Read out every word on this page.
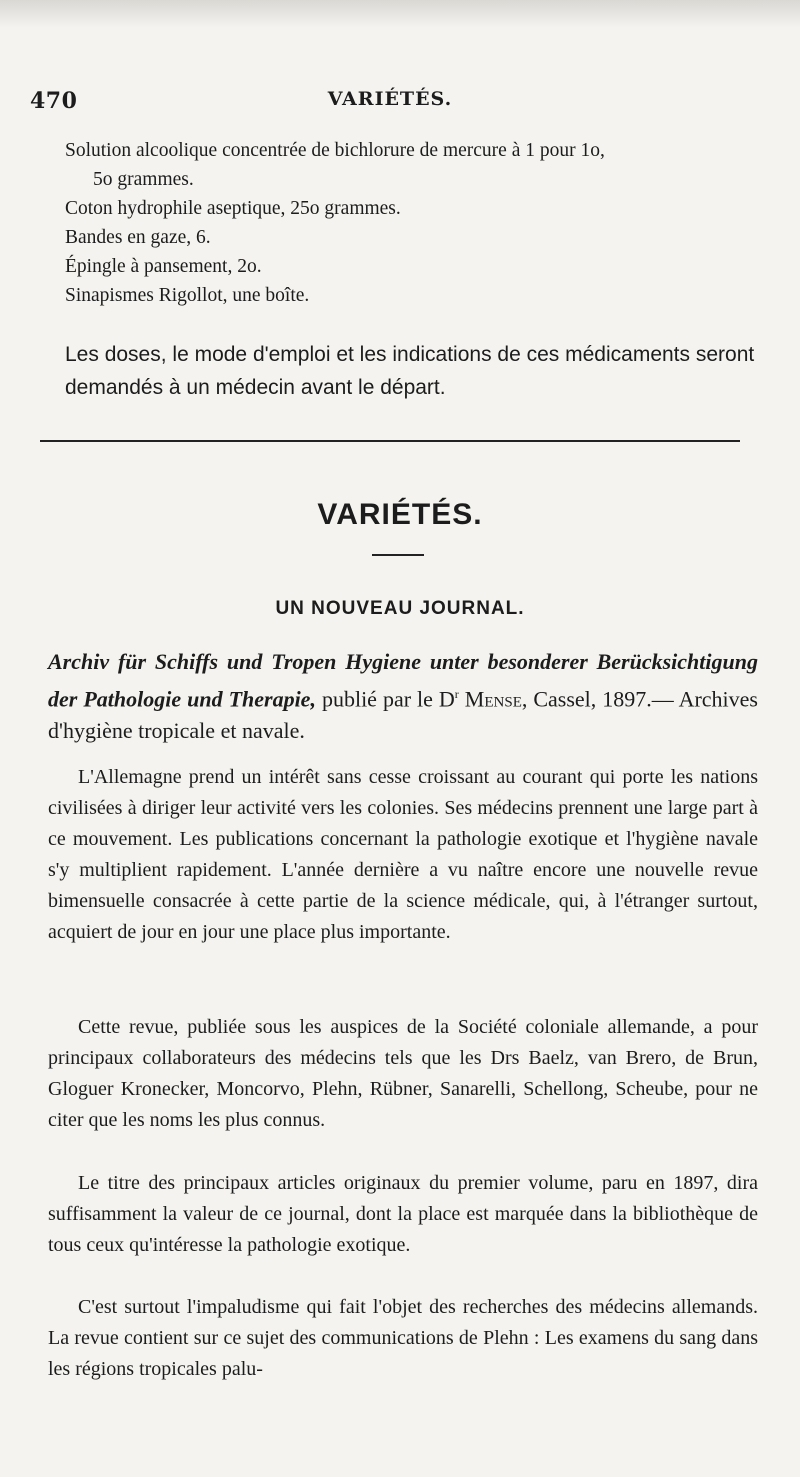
VARIÉTÉS.
470
Solution alcoolique concentrée de bichlorure de mercure à 1 pour 1o,
5o grammes.
Coton hydrophile aseptique, 25o grammes.
Bandes en gaze, 6.
Épingle à pansement, 2o.
Sinapismes Rigollot, une boîte.
Les doses, le mode d'emploi et les indications de ces médicaments seront demandés à un médecin avant le départ.
VARIÉTÉS.
UN NOUVEAU JOURNAL.
Archiv für Schiffs und Tropen Hygiene unter besonderer Berücksichtigung der Pathologie und Therapie, publié par le $D^r$ Mense, Cassel, 1897.— Archives d'hygiène tropicale et navale.
L'Allemagne prend un intérêt sans cesse croissant au courant qui porte les nations civilisées à diriger leur activité vers les colonies. Ses médecins prennent une large part à ce mouvement. Les publications concernant la pathologie exotique et l'hygiène navale s'y multiplient rapidement. L'année dernière a vu naître encore une nouvelle revue bimensuelle consacrée à cette partie de la science médicale, qui, à l'étranger surtout, acquiert de jour en jour une place plus importante.
Cette revue, publiée sous les auspices de la Société coloniale allemande, a pour principaux collaborateurs des médecins tels que les Drs Baelz, van Brero, de Brun, Gloguer Kronecker, Moncorvo, Plehn, Rübner, Sanarelli, Schellong, Scheube, pour ne citer que les noms les plus connus.
Le titre des principaux articles originaux du premier volume, paru en 1897, dira suffisamment la valeur de ce journal, dont la place est marquée dans la bibliothèque de tous ceux qu'intéresse la pathologie exotique.
C'est surtout l'impaludisme qui fait l'objet des recherches des médecins allemands. La revue contient sur ce sujet des communications de Plehn : Les examens du sang dans les régions tropicales palu-
